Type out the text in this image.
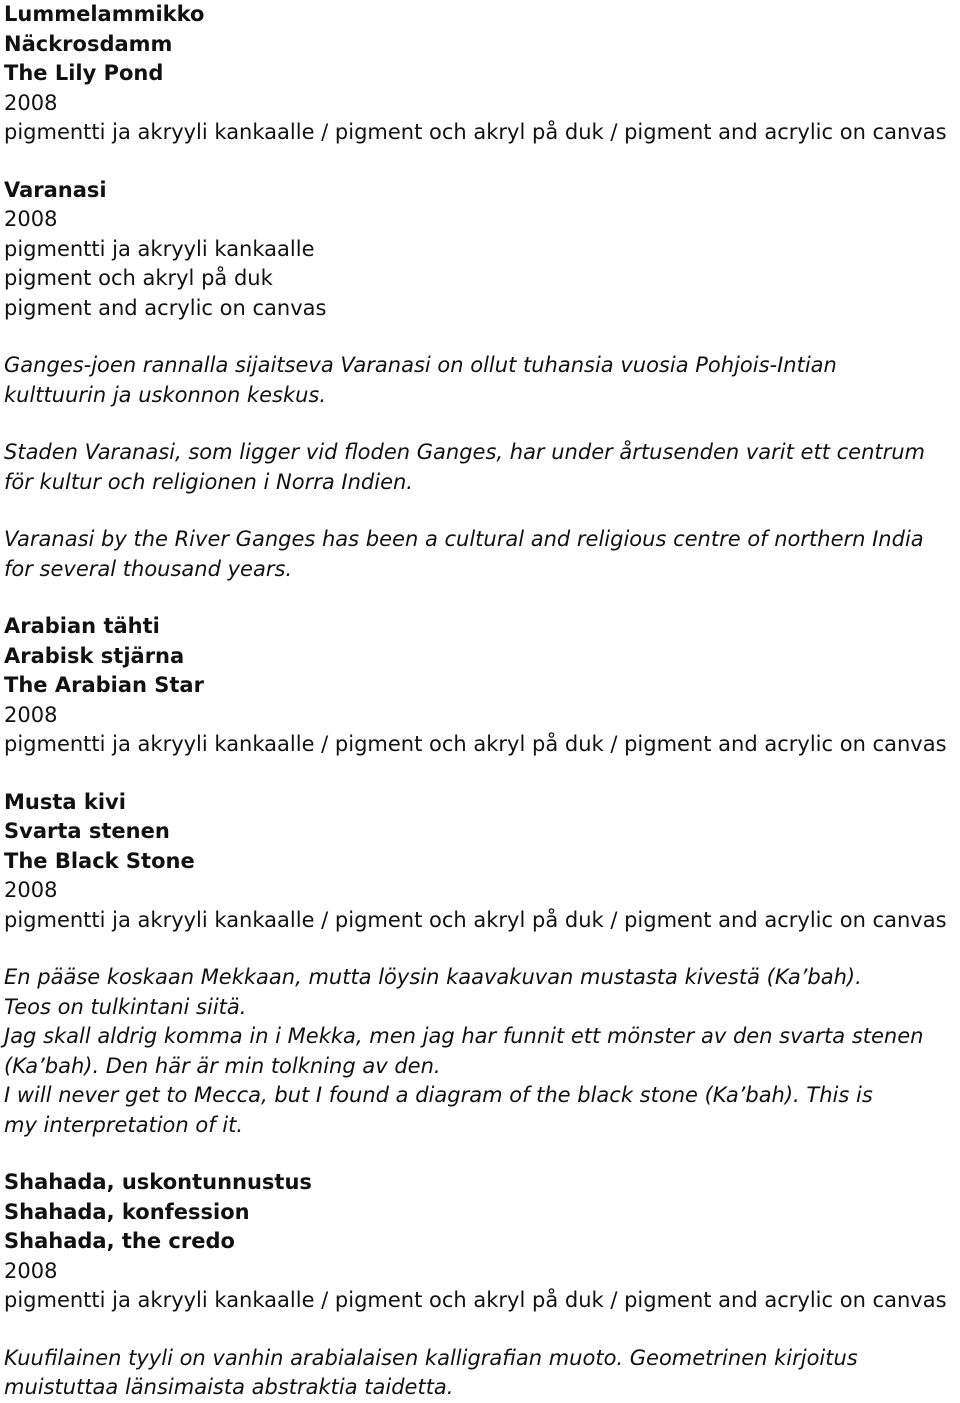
Lummelammikko
Näckrosdamm
The Lily Pond
2008
pigmentti ja akryyli kankaalle / pigment och akryl på duk / pigment and acrylic on canvas
Varanasi
2008
pigmentti ja akryyli kankaalle
pigment och akryl på duk
pigment and acrylic on canvas

Ganges-joen rannalla sijaitseva Varanasi on ollut tuhansia vuosia Pohjois-Intian kulttuurin ja uskonnon keskus.

Staden Varanasi, som ligger vid floden Ganges, har under årtusenden varit ett centrum för kultur och religionen i Norra Indien.

Varanasi by the River Ganges has been a cultural and religious centre of northern India for several thousand years.

Arabian tähti
Arabisk stjärna
The Arabian Star
2008
pigmentti ja akryyli kankaalle / pigment och akryl på duk / pigment and acrylic on canvas
Musta kivi
Svarta stenen
The Black Stone
2008
pigmentti ja akryyli kankaalle / pigment och akryl på duk / pigment and acrylic on canvas

En pääse koskaan Mekkaan, mutta löysin kaavakuvan mustasta kivestä (Ka’bah). Teos on tulkintani siitä.

Jag skall aldrig komma in i Mekka, men jag har funnit ett mönster av den svarta stenen (Ka’bah). Den här är min tolkning av den.

I will never get to Mecca, but I found a diagram of the black stone (Ka’bah). This is my interpretation of it.

Shahada, uskontunnustus
Shahada, konfession
Shahada, the credo
2008
pigmentti ja akryyli kankaalle / pigment och akryl på duk / pigment and acrylic on canvas

Kuufilainen tyyli on vanhin arabialaisen kalligrafian muoto. Geometrinen kirjoitus muistuttaa länsimaista abstraktia taidetta.
